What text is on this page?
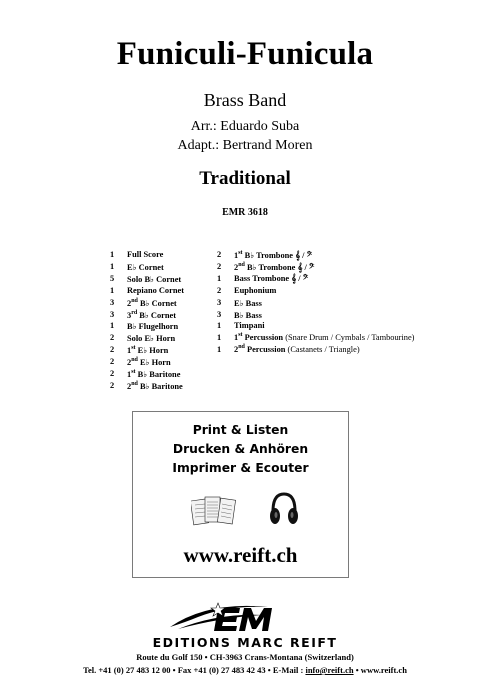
Funiculi-Funicula
Brass Band
Arr.: Eduardo Suba
Adapt.: Bertrand Moren
Traditional
EMR 3618
1	Full Score
1	E♭ Cornet
5	Solo B♭ Cornet
1	Repiano Cornet
3	2nd B♭ Cornet
3	3rd B♭ Cornet
1	B♭ Flugelhorn
2	Solo E♭ Horn
2	1st E♭ Horn
2	2nd E♭ Horn
2	1st B♭ Baritone
2	2nd B♭ Baritone
2	1st B♭ Trombone 𝄞 / 𝄢
2	2nd B♭ Trombone 𝄞 / 𝄢
1	Bass Trombone 𝄞 / 𝄢
2	Euphonium
3	E♭ Bass
3	B♭ Bass
1	Timpani
1	1st Percussion (Snare Drum / Cymbals / Tambourine)
1	2nd Percussion (Castanets / Triangle)
Print & Listen
Drucken & Anhören
Imprimer & Ecouter
www.reift.ch
EDITIONS MARC REIFT
Route du Golf 150 • CH-3963 Crans-Montana (Switzerland)
Tel. +41 (0) 27 483 12 00 • Fax +41 (0) 27 483 42 43 • E-Mail : info@reift.ch • www.reift.ch
